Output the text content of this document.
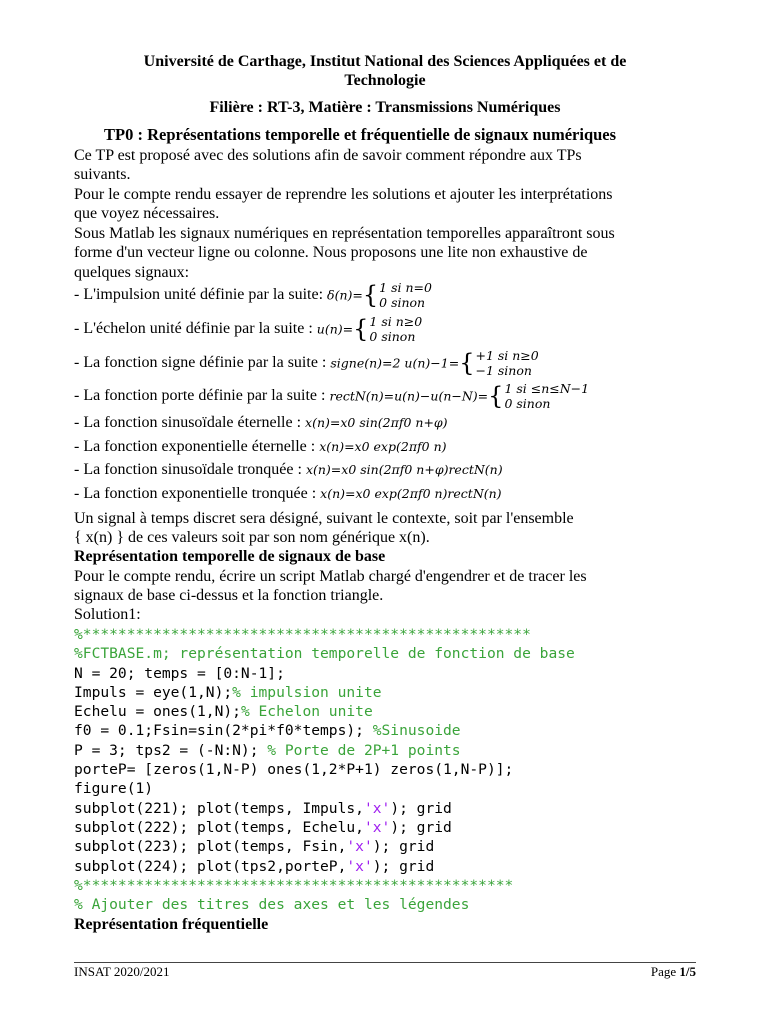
Université de Carthage, Institut National des Sciences Appliquées et de
Technologie
Filière : RT-3, Matière : Transmissions Numériques
TP0 : Représentations temporelle et fréquentielle de signaux numériques
Ce TP est proposé avec des solutions afin de savoir comment répondre aux TPs
suivants.
Pour le compte rendu essayer de reprendre les solutions et ajouter les interprétations
que voyez nécessaires.
Sous Matlab les signaux numériques en représentation temporelles apparaîtront sous
forme d'un vecteur ligne ou colonne. Nous proposons une lite non exhaustive de
quelques signaux:
- L'impulsion unité définie par la suite: δ(n)={1 si n=0
0 sinon
- L'échelon unité définie par la suite : u(n)={1 si n≥0
0 sinon
- La fonction signe définie par la suite : signe(n)=2 u(n)−1={+1 si n≥0
−1 sinon
- La fonction porte définie par la suite : rectN(n)=u(n)−u(n−N)={1 si ≤n≤N−1
0 sinon
- La fonction sinusoïdale éternelle : x(n)=x0 sin(2πf0 n+φ)
- La fonction exponentielle éternelle : x(n)=x0 exp(2πf0 n)
- La fonction sinusoïdale tronquée : x(n)=x0 sin(2πf0 n+φ)rectN(n)
- La fonction exponentielle tronquée : x(n)=x0 exp(2πf0 n)rectN(n)
Un signal à temps discret sera désigné, suivant le contexte, soit par l'ensemble
{ x(n) } de ces valeurs soit par son nom générique x(n).
Représentation temporelle de signaux de base
Pour le compte rendu, écrire un script Matlab chargé d'engendrer et de tracer les
signaux de base ci-dessus et la fonction triangle.
Solution1:
%***************************************************
%FCTBASE.m; représentation temporelle de fonction de base
N = 20; temps = [0:N-1];
Impuls = eye(1,N);% impulsion unite
Echelu = ones(1,N);% Echelon unite
f0 = 0.1;Fsin=sin(2*pi*f0*temps); %Sinusoide
P = 3; tps2 = (-N:N); % Porte de 2P+1 points
porteP= [zeros(1,N-P) ones(1,2*P+1) zeros(1,N-P)];
figure(1)
subplot(221); plot(temps, Impuls,'x'); grid
subplot(222); plot(temps, Echelu,'x'); grid
subplot(223); plot(temps, Fsin,'x'); grid
subplot(224); plot(tps2,porteP,'x'); grid
%*************************************************
% Ajouter des titres des axes et les légendes
Représentation fréquentielle
INSAT 2020/2021	Page 1/5
